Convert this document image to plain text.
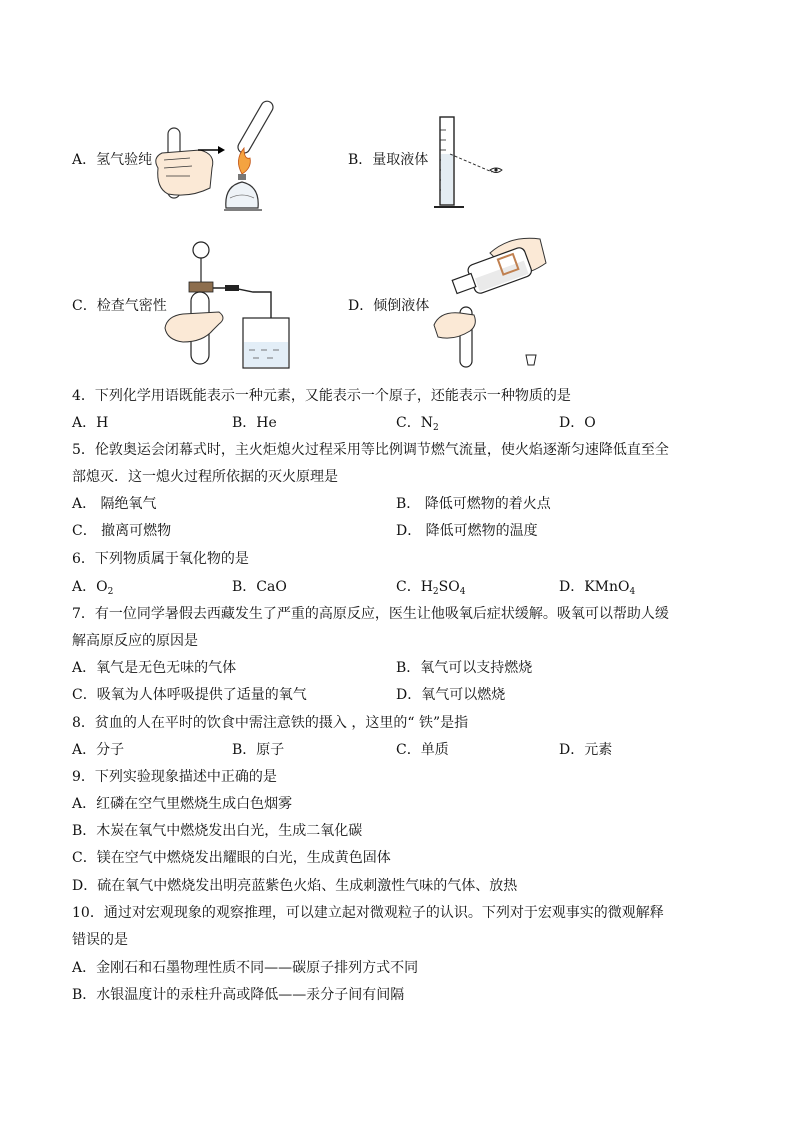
A．氢气验纯	B．量取液体
C．检查气密性	D．倾倒液体
4．下列化学用语既能表示一种元素，又能表示一个原子，还能表示一种物质的是
A．H	B．He	C．$N_2$	D．O
5．伦敦奥运会闭幕式时，主火炬熄火过程采用等比例调节燃气流量，使火焰逐渐匀速降低直至全
部熄灭．这一熄火过程所依据的灭火原理是
A． 隔绝氧气	B． 降低可燃物的着火点
C． 撤离可燃物	D． 降低可燃物的温度
6．下列物质属于氧化物的是
A．$O_2$	B．CaO	C．$H_2SO_4$	D．KMnO$_4$
7．有一位同学暑假去西藏发生了严重的高原反应，医生让他吸氧后症状缓解。吸氧可以帮助人缓
解高原反应的原因是
A．氧气是无色无味的气体	B．氧气可以支持燃烧
C．吸氧为人体呼吸提供了适量的氧气	D．氧气可以燃烧
8．贫血的人在平时的饮食中需注意铁的摄入 ，这里的“ 铁”是指
A．分子	B．原子	C．单质	D．元素
9．下列实验现象描述中正确的是
A．红磷在空气里燃烧生成白色烟雾
B．木炭在氧气中燃烧发出白光，生成二氧化碳
C．镁在空气中燃烧发出耀眼的白光，生成黄色固体
D．硫在氧气中燃烧发出明亮蓝紫色火焰、生成刺激性气味的气体、放热
10．通过对宏观现象的观察推理，可以建立起对微观粒子的认识。下列对于宏观事实的微观解释
错误的是
A．金刚石和石墨物理性质不同——碳原子排列方式不同
B．水银温度计的汞柱升高或降低——汞分子间有间隔
